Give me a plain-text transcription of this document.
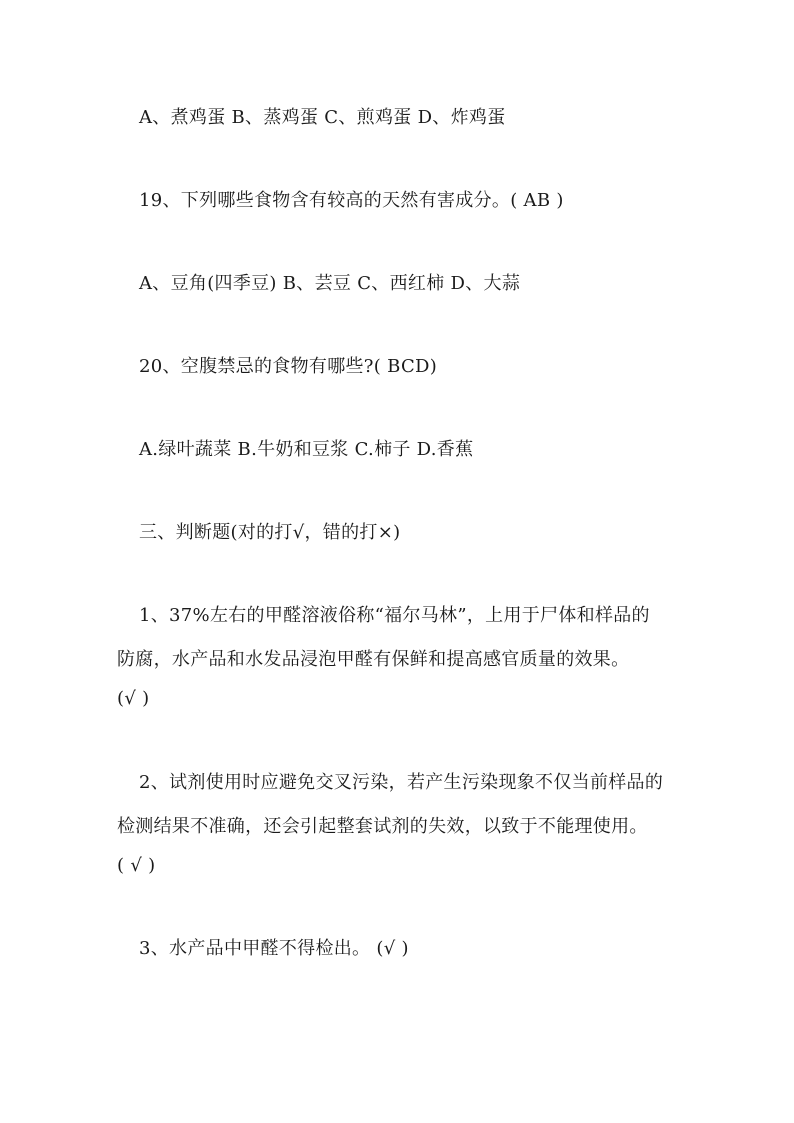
A、煮鸡蛋 B、蒸鸡蛋 C、煎鸡蛋 D、炸鸡蛋
19、下列哪些食物含有较高的天然有害成分。( AB )
A、豆角(四季豆) B、芸豆 C、西红柿 D、大蒜
20、空腹禁忌的食物有哪些?( BCD)
A.绿叶蔬菜 B.牛奶和豆浆 C.柿子 D.香蕉
三、判断题(对的打√，错的打×)
1、37%左右的甲醛溶液俗称“福尔马林”，上用于尸体和样品的
防腐，水产品和水发品浸泡甲醛有保鲜和提高感官质量的效果。
(√ )
2、试剂使用时应避免交叉污染，若产生污染现象不仅当前样品的
检测结果不准确，还会引起整套试剂的失效，以致于不能理使用。
( √ )
3、水产品中甲醛不得检出。 (√ )
